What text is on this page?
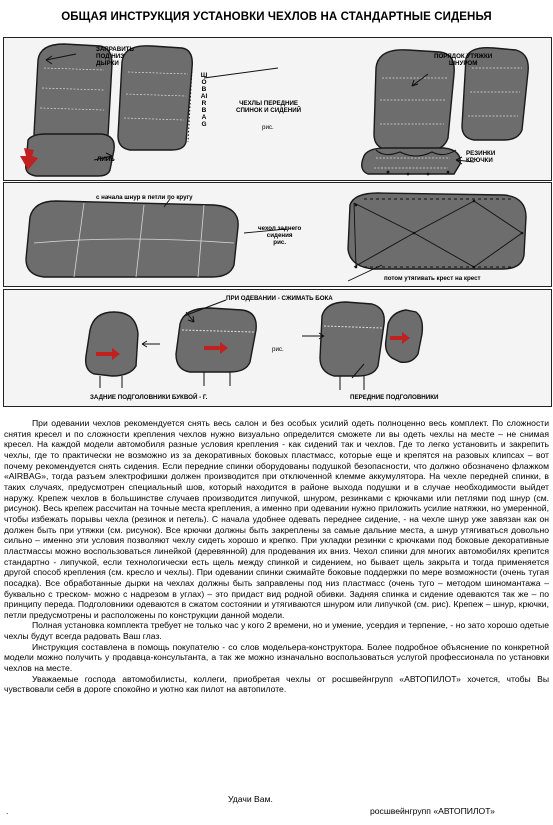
ОБЩАЯ ИНСТРУКЦИЯ УСТАНОВКИ ЧЕХЛОВ НА СТАНДАРТНЫЕ СИДЕНЬЯ
ЗАПРАВИТЬ
ПОД НИЗ
ДЫРКИ
ШОВ AIRBAG
ЛИПЬ
ЧЕХЛЫ ПЕРЕДНИЕ
СПИНОК И СИДЕНИЙ
рис.
ПОРЯДОК УТЯЖКИ
ШНУРОМ
РЕЗИНКИ
КРЮЧКИ
с начала шнур в петли по кругу
чехол заднего
сидения
рис.
потом утягивать крест на крест
ПРИ ОДЕВАНИИ - СЖИМАТЬ БОКА
рис.
ЗАДНИЕ ПОДГОЛОВНИКИ БУКВОЙ - Г.	ПЕРЕДНИЕ ПОДГОЛОВНИКИ

При одевании чехлов рекомендуется снять весь салон и без особых усилий одеть полноценно весь комплект. По сложности снятия кресел и по сложности крепления чехлов нужно визуально определится сможете ли вы одеть чехлы на месте – не снимая кресел. На каждой модели автомобиля разные условия крепления - как сидений так и чехлов. Где то легко установить и закрепить чехлы, где то практически не возможно из за декоративных боковых пластмасс, которые еще и крепятся на разовых клипсах – вот почему рекомендуется снять сидения. Если передние спинки оборудованы подушкой безопасности, что должно обозначено флажком «AIRBAG», тогда разъем электрофишки должен производится при отключенной клемме аккумулятора. На чехле передней спинки, в таких случаях, предусмотрен специальный шов, который находится в районе выхода подушки и в случае необходимости выйдет наружу. Крепеж чехлов в большинстве случаев производится липучкой, шнуром, резинками с крючками или петлями под шнур (см. рисунок). Весь крепеж рассчитан на точные места крепления, а именно при одевании нужно приложить усилие натяжки, но умеренной, чтобы избежать порывы чехла (резинок и петель). С начала удобнее одевать переднее сидение, - на чехле шнур уже завязан как он должен быть при утяжки (см. рисунок). Все крючки должны быть закреплены за самые дальние места, а шнур утягиваться довольно сильно – именно эти условия позволяют чехлу сидеть хорошо и крепко. При укладки резинки с крючками под боковые декоративные пластмассы можно воспользоваться линейкой (деревянной) для продевания их вниз. Чехол спинки для многих автомобилях крепится стандартно - липучкой, если технологически есть щель между спинкой и сидением, но бывает щель закрыта и тогда применяется другой способ крепления (см. кресло и чехлы). При одевании спинки сжимайте боковые поддержки по мере возможности (очень тугая посадка). Все обработанные дырки на чехлах должны быть заправлены под низ пластмасс (очень туго – методом шиномантажа – буквально с треском- можно с надрезом в углах) – это придаст вид родной обивки. Задняя спинка и сидение одеваются так же – по принципу переда. Подголовники одеваются в сжатом состоянии и утягиваются шнуром или липучкой (см. рис). Крепеж – шнур, крючки, петли предусмотрены и расположены по конструкции данной модели.

Полная установка комплекта требует не только час у кого 2 времени, но и умение, усердия и терпение, - но зато хорошо одетые чехлы будут всегда радовать Ваш глаз.

Инструкция составлена в помощь покупателю - со слов модельера-конструктора. Более подробное объяснение по конкретной модели можно получить у продавца-консультанта, а так же можно изначально воспользоваться услугой профессионала по установки чехлов на месте.

Уважаемые господа автомобилисты, коллеги, приобретая чехлы от росшвейнгрупп «АВТОПИЛОТ» хочется, чтобы Вы чувствовали себя в дороге спокойно и уютно как пилот на автопилоте.

Удачи Вам.
.	росшвейнгрупп «АВТОПИЛОТ»
